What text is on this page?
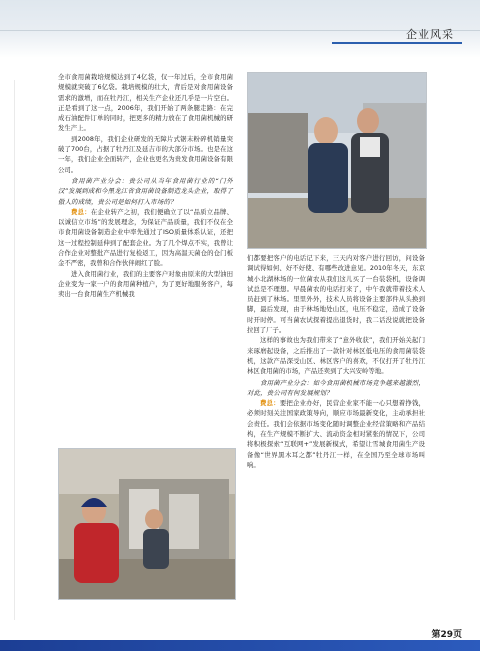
企业风采

全市食用菌栽培规模达到了4亿袋，仅一年过后，全市食用菌规模就突破了6亿袋。栽培规模的壮大，背后是对食用菌设备需求的激增，而在牡丹江，相关生产企业还几乎是一片空白。正是看到了这一点，2006年，我们开始了两条腿走路：在完成石油配件订单的同时，把更多的精力放在了食用菌机械的研发生产上。

到2008年，我们企业研发的无障片式锯末粉碎机销量突破了700台，占据了牡丹江及延吉市的大部分市场。也是在这一年，我们企业全面转产，企业也更名为贵发食用菌设备有限公司。

食用菌产业分会：贵公司从当年食用菌行业的“门外汉”发展到成和今黑龙江省食用菌设备制造龙头企业，取得了傲人的成绩，贵公司是如何打入市场的？

费总：在企业转产之初，我们便确立了以“品质立品牌、以诚信立市场”的发展理念，为保证产品质量，我们不仅在全市食用菌设备制造企业中率先通过了ISO质量体系认证，还把这一过程控制延伸到了配套企业。为了几个焊点不实，我曾让合作企业对整批产品进行复检返工，因为高温天菌仓的仓门板金不严密，我曾和合作伙伴闹红了脸。

进入食用菌行业，我们的主要客户对象由原来的大型油田企业变为一家一户的食用菌种植户，为了更好地服务客户，每卖出一台食用菌生产机械我

们都要把客户的电话记下来，三天内对客户进行回访，问设备调试得如何、好不好使、有哪些改进意见。2010年冬天，东京城小北湖林场的一位菌农从我们这儿买了一台装袋机，设备调试总是不理想。早晨菌农的电话打来了，中午我就带着技术人员赶到了林场。里里外外，技术人员将设备主要部件从头换到脚，最后发现，由于林场地处山区，电压不稳定，造成了设备时开时停。可当菌农试探着提出退货时，我二话没说就把设备拉回了厂子。

这样的事故也为我们带来了“意外收获”，我们开始关起门来琢磨起设备，之后推出了一款针对林区低电压的食用菌装袋机，这款产品深受山区、林区客户的喜欢，不仅打开了牡丹江林区食用菌的市场，产品还卖到了大兴安岭等地。

食用菌产业分会：如今食用菌机械市场竞争越来越激烈，对此，贵公司有何发展规划？

费总：要把企业办好，民营企业家不能一心只想着挣钱，必须时刻关注国家政策导向，顺应市场最新变化，主动承担社会责任。我们会依据市场变化随时调整企业经营策略和产品结构，在生产规模不断扩大、流动资金相对紧张的情况下，公司将积极探索“互联网+”发展新模式，希望让雪城食用菌生产设备像“世界黑木耳之都”牡丹江一样，在全国乃至全球市场叫响。

第29页
